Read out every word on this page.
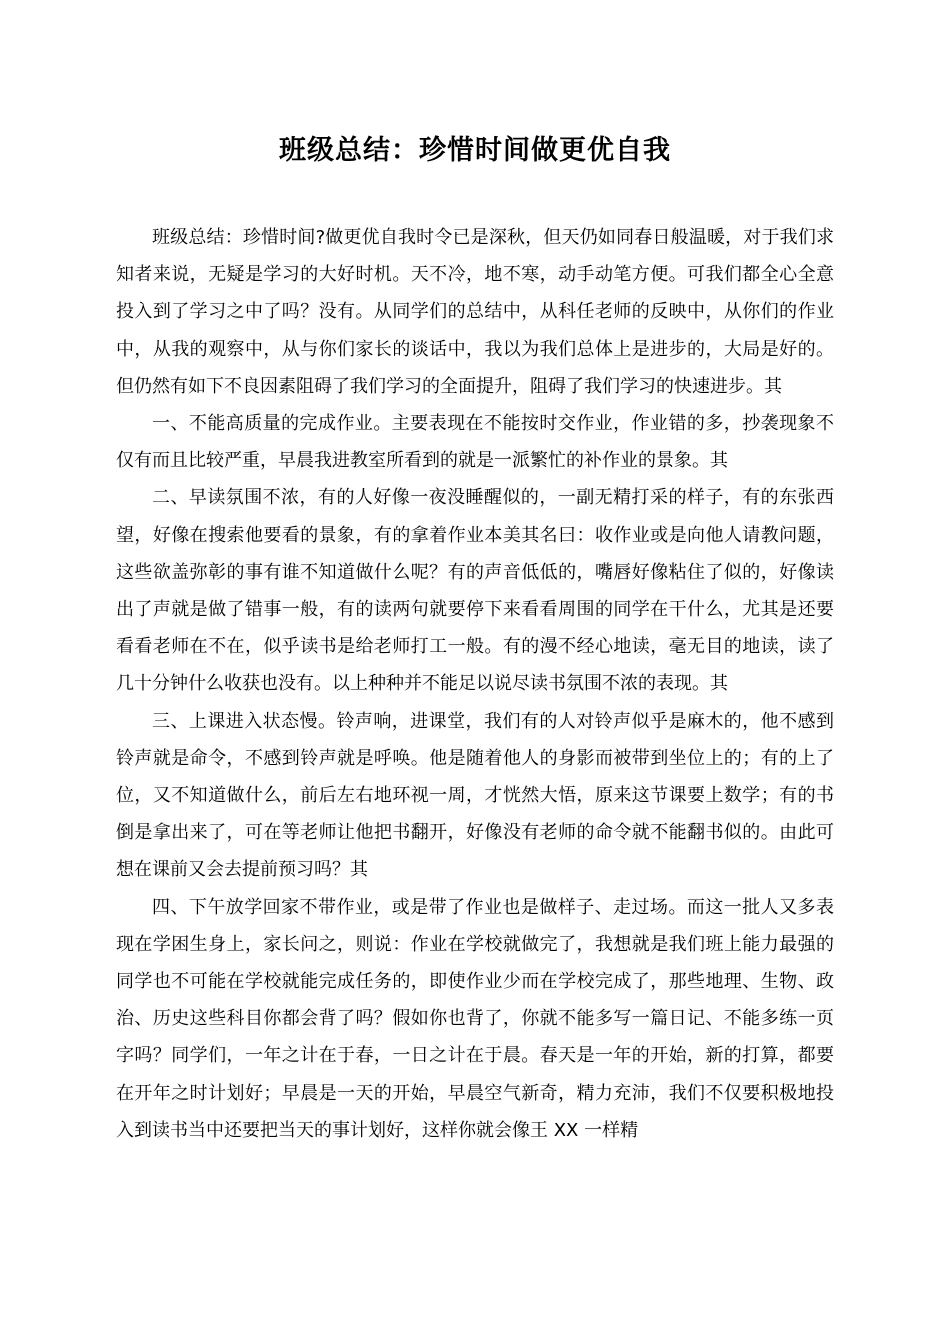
班级总结：珍惜时间做更优自我

班级总结：珍惜时间?做更优自我时令已是深秋，但天仍如同春日般温暖，对于我们求知者来说，无疑是学习的大好时机。天不冷，地不寒，动手动笔方便。可我们都全心全意投入到了学习之中了吗？没有。从同学们的总结中，从科任老师的反映中，从你们的作业中，从我的观察中，从与你们家长的谈话中，我以为我们总体上是进步的，大局是好的。但仍然有如下不良因素阻碍了我们学习的全面提升，阻碍了我们学习的快速进步。其

一、不能高质量的完成作业。主要表现在不能按时交作业，作业错的多，抄袭现象不仅有而且比较严重，早晨我进教室所看到的就是一派繁忙的补作业的景象。其

二、早读氛围不浓，有的人好像一夜没睡醒似的，一副无精打采的样子，有的东张西望，好像在搜索他要看的景象，有的拿着作业本美其名曰：收作业或是向他人请教问题，这些欲盖弥彰的事有谁不知道做什么呢？有的声音低低的，嘴唇好像粘住了似的，好像读出了声就是做了错事一般，有的读两句就要停下来看看周围的同学在干什么，尤其是还要看看老师在不在，似乎读书是给老师打工一般。有的漫不经心地读，毫无目的地读，读了几十分钟什么收获也没有。以上种种并不能足以说尽读书氛围不浓的表现。其

三、上课进入状态慢。铃声响，进课堂，我们有的人对铃声似乎是麻木的，他不感到铃声就是命令，不感到铃声就是呼唤。他是随着他人的身影而被带到坐位上的；有的上了位，又不知道做什么，前后左右地环视一周，才恍然大悟，原来这节课要上数学；有的书倒是拿出来了，可在等老师让他把书翻开，好像没有老师的命令就不能翻书似的。由此可想在课前又会去提前预习吗？其

四、下午放学回家不带作业，或是带了作业也是做样子、走过场。而这一批人又多表现在学困生身上，家长问之，则说：作业在学校就做完了，我想就是我们班上能力最强的同学也不可能在学校就能完成任务的，即使作业少而在学校完成了，那些地理、生物、政治、历史这些科目你都会背了吗？假如你也背了，你就不能多写一篇日记、不能多练一页字吗？同学们，一年之计在于春，一日之计在于晨。春天是一年的开始，新的打算，都要在开年之时计划好；早晨是一天的开始，早晨空气新奇，精力充沛，我们不仅要积极地投入到读书当中还要把当天的事计划好，这样你就会像王 XX 一样精
